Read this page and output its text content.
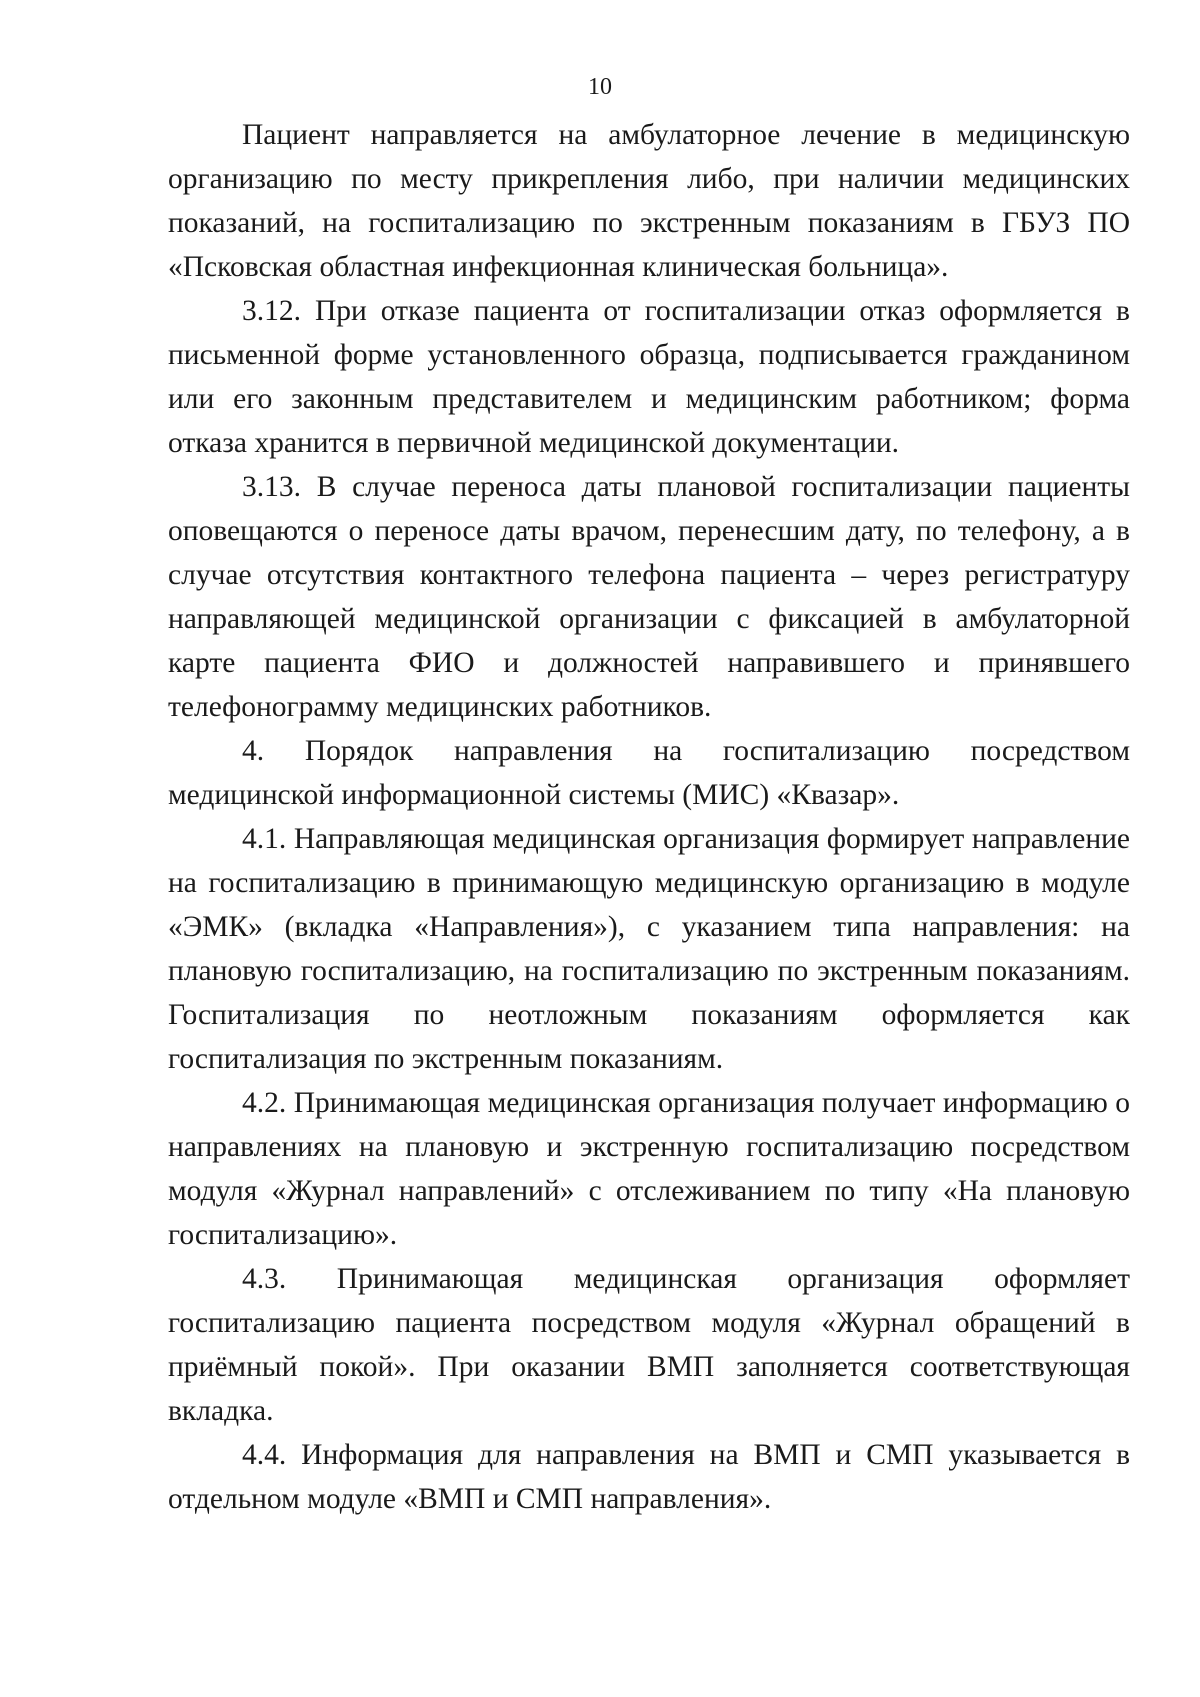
10

Пациент направляется на амбулаторное лечение в медицинскую организацию по месту прикрепления либо, при наличии медицинских показаний, на госпитализацию по экстренным показаниям в ГБУЗ ПО «Псковская областная инфекционная клиническая больница».

3.12. При отказе пациента от госпитализации отказ оформляется в письменной форме установленного образца, подписывается гражданином или его законным представителем и медицинским работником; форма отказа хранится в первичной медицинской документации.

3.13. В случае переноса даты плановой госпитализации пациенты оповещаются о переносе даты врачом, перенесшим дату, по телефону, а в случае отсутствия контактного телефона пациента – через регистратуру направляющей медицинской организации с фиксацией в амбулаторной карте пациента ФИО и должностей направившего и принявшего телефонограмму медицинских работников.

4. Порядок направления на госпитализацию посредством медицинской информационной системы (МИС) «Квазар».

4.1. Направляющая медицинская организация формирует направление на госпитализацию в принимающую медицинскую организацию в модуле «ЭМК» (вкладка «Направления»), с указанием типа направления: на плановую госпитализацию, на госпитализацию по экстренным показаниям. Госпитализация по неотложным показаниям оформляется как госпитализация по экстренным показаниям.

4.2. Принимающая медицинская организация получает информацию о направлениях на плановую и экстренную госпитализацию посредством модуля «Журнал направлений» с отслеживанием по типу «На плановую госпитализацию».

4.3. Принимающая медицинская организация оформляет госпитализацию пациента посредством модуля «Журнал обращений в приёмный покой». При оказании ВМП заполняется соответствующая вкладка.

4.4. Информация для направления на ВМП и СМП указывается в отдельном модуле «ВМП и СМП направления».
